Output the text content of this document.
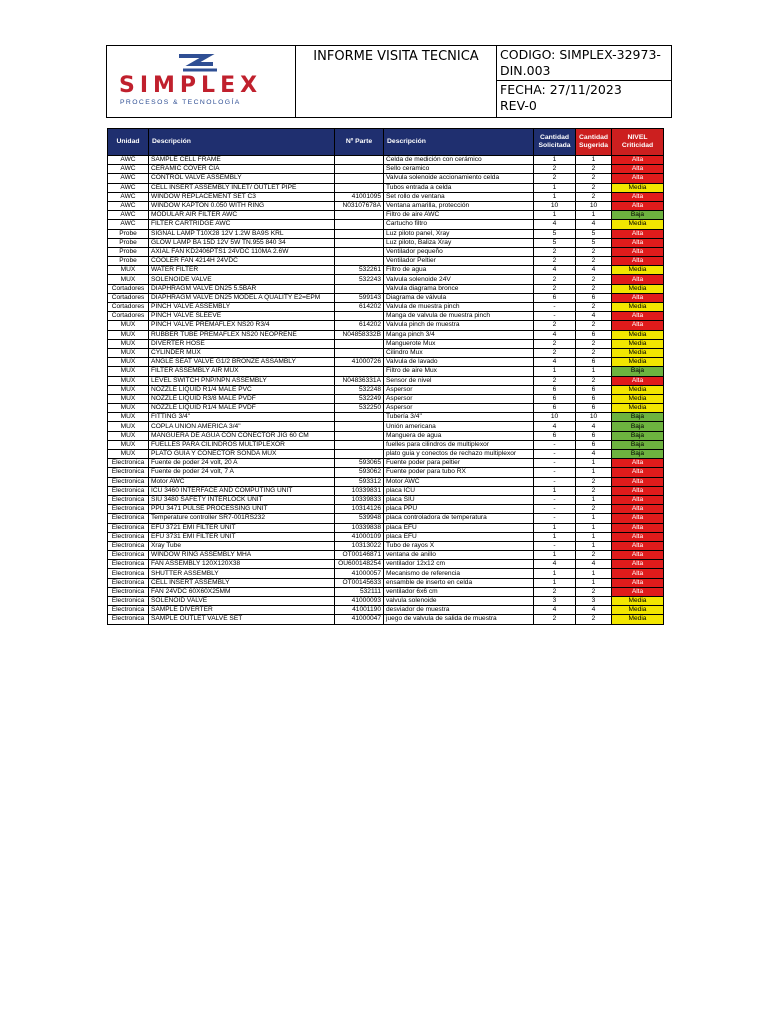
SIMPLEX
PROCESOS & TECNOLOGÍA
	INFORME VISITA TECNICA	CODIGO: SIMPLEX-32973-DIN.003

FECHA: 27/11/2023
REV-0
Unidad	Descripción	Nº Parte	Descripción	Cantidad Solicitada	Cantidad Sugerida	NIVEL Criticidad
AWC	SAMPLE CELL FRAME		Celda de medición con cerámico	1	1	Alta
AWC	CERAMIC COVER CIA		Sello ceramico	2	2	Alta
AWC	CONTROL VALVE ASSEMBLY		Valvula solenoide accionamiento celda	2	2	Alta
AWC	CELL INSERT ASSEMBLY INLET/ OUTLET PIPE		Tubos entrada a celda	1	2	Media
AWC	WINDOW REPLACEMENT SET C3	41001095	Set rollo de ventana	1	2	Alta
AWC	WINDOW KAPTON 0.050 WITH RING	N03107678A	Ventana amarilla, protección	10	10	Alta
AWC	MODULAR AIR FILTER AWC		Filtro de aire AWC	1	1	Baja
AWC	FILTER CARTRIDGE AWC		Cartucho filtro	4	4	Media
Probe	SIGNAL LAMP T10X28 12V 1.2W BA9S KRL		Luz piloto panel, Xray	5	5	Alta
Probe	GLOW LAMP BA 15D 12V 5W TN.955 840 34		Luz piloto, Baliza Xray	5	5	Alta
Probe	AXIAL FAN KD2406PTS1 24VDC 110MA 2.6W		Ventilador pequeño	2	2	Alta
Probe	COOLER FAN 4214H 24VDC		Ventilador Peltier	2	2	Alta
MUX	WATER FILTER	532261	Filtro de agua	4	4	Media
MUX	SOLENOIDE VALVE	532243	Valvula solenoide 24V	2	2	Alta
Cortadores	DIAPHRAGM VALVE DN25 5.5BAR		Valvula diagrama bronce	2	2	Media
Cortadores	DIAPHRAGM VALVE DN25 MODEL A QUALITY E2=EPM	599143	Diagrama de válvula	6	6	Alta
Cortadores	PINCH VALVE ASSEMBLY	614202	Valvula de muestra pinch	-	2	Media
Cortadores	PINCH VALVE SLEEVE		Manga de valvula de muestra pinch	-	4	Alta
MUX	PINCH VALVE PREMAFLEX NS20 R3/4	614202	Valvula pinch de muestra	2	2	Alta
MUX	RUBBER TUBE PREMAFLEX NS20 NEOPRENE	N04858332B	Manga pinch 3/4	4	6	Media
MUX	DIVERTER HOSE		Manguerote Mux	2	2	Media
MUX	CYLINDER MUX		Cilindro Mux	2	2	Media
MUX	ANGLE SEAT VALVE G1/2 BRONZE ASSAMBLY	41000726	Valvula de lavado	4	6	Media
MUX	FILTER ASSEMBLY AIR MUX		Filtro de aire Mux	1	1	Baja
MUX	LEVEL SWITCH PNP/NPN ASSEMBLY	N04836331A	Sensor de nivel	2	2	Alta
MUX	NOZZLE LIQUID R1/4 MALE PVC	532248	Aspersor	6	6	Media
MUX	NOZZLE LIQUID R3/8 MALE PVDF	532249	Aspersor	6	6	Media
MUX	NOZZLE LIQUID R1/4 MALE PVDF	532250	Aspersor	6	6	Media
MUX	FITTING 3/4"		Tubería 3/4"	10	10	Baja
MUX	COPLA UNION AMERICA 3/4"		Unión americana	4	4	Baja
MUX	MANGUERA DE AGUA CON CONECTOR JIG 60 CM		Manguera de agua	6	6	Baja
MUX	FUELLES PARA CILINDROS MULTIPLEXOR		fuelles para cilindros de multiplexor	-	6	Baja
MUX	PLATO GUIA Y CONECTOR SONDA MUX		plato guia y conectos de rechazo multiplexor	-	4	Baja
Electronica	Fuente de poder 24 volt, 20 A	593065	Fuente poder para peltier	-	1	Alta
Electronica	Fuente de poder 24 volt, 7 A	593062	Fuente poder para tubo RX	-	1	Alta
Electronica	Motor AWC	593312	Motor AWC	-	2	Alta
Electronica	ICU 3460 INTERFACE AND COMPUTING UNIT	10339831	placa ICU	1	2	Alta
Electronica	SIU 3480 SAFETY INTERLOCK UNIT	10339833	placa SIU	-	1	Alta
Electronica	PPU 3471 PULSE PROCESSING UNIT	10314126	placa PPU	-	2	Alta
Electronica	Temperature controller SR7-001RS232	539948	placa controladora de temperatura	-	1	Alta
Electronica	EFU 3721 EMI FILTER UNIT	10339838	placa EFU	1	1	Alta
Electronica	EFU 3731 EMI FILTER UNIT	41000109	placa EFU	1	1	Alta
Electronica	Xray Tube	10313022	Tubo de rayos X	-	1	Alta
Electronica	WINDOW RING ASSEMBLY MHA	OT00146871	ventana de anillo	1	2	Alta
Electronica	FAN ASSEMBLY 120X120X38	OU600148254	ventilador 12x12 cm	4	4	Alta
Electronica	SHUTTER ASSEMBLY	41000057	Mecanismo de referencia	1	1	Alta
Electronica	CELL INSERT ASSEMBLY	OT00145633	ensamble de inserto en celda	1	1	Alta
Electronica	FAN 24VDC 60X60X25MM	532111	ventilador 6x6 cm	2	2	Alta
Electronica	SOLENOID VALVE	41000093	valvula solenoide	3	3	Media
Electronica	SAMPLE DIVERTER	41001190	desviador de muestra	4	4	Media
Electronica	SAMPLE OUTLET VALVE SET	41000047	juego de valvula de salida de muestra	2	2	Media
